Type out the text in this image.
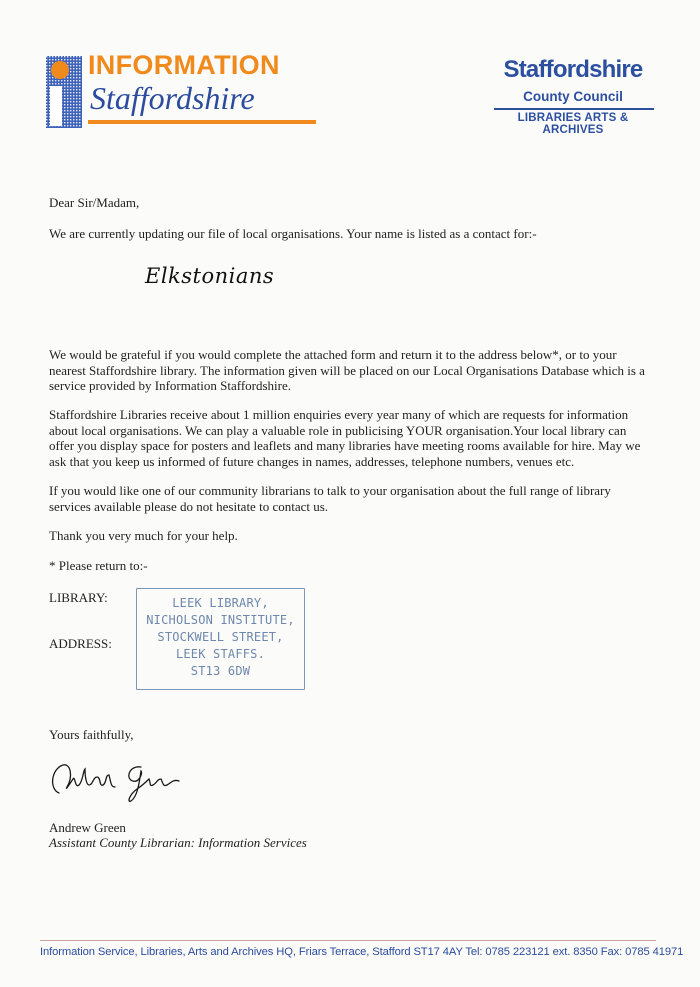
INFORMATION
Staffordshire
Staffordshire
County Council
LIBRARIES ARTS & ARCHIVES
Dear Sir/Madam,
We are currently updating our file of local organisations. Your name is listed as a contact for:-
Elkstonians
We would be grateful if you would complete the attached form and return it to the address below*, or to your nearest Staffordshire library. The information given will be placed on our Local Organisations Database which is a service provided by Information Staffordshire.
Staffordshire Libraries receive about 1 million enquiries every year many of which are requests for information about local organisations. We can play a valuable role in publicising YOUR organisation.Your local library can offer you display space for posters and leaflets and many libraries have meeting rooms available for hire. May we ask that you keep us informed of future changes in names, addresses, telephone numbers, venues etc.
If you would like one of our community librarians to talk to your organisation about the full range of library services available please do not hesitate to contact us.
Thank you very much for your help.
* Please return to:-
LIBRARY:
ADDRESS:
LEEK LIBRARY,
NICHOLSON INSTITUTE,
STOCKWELL STREET,
LEEK STAFFS.
ST13 6DW
Yours faithfully,
Andrew Green
Assistant County Librarian: Information Services
Information Service, Libraries, Arts and Archives HQ, Friars Terrace, Stafford ST17 4AY Tel: 0785 223121 ext. 8350 Fax: 0785 41971
